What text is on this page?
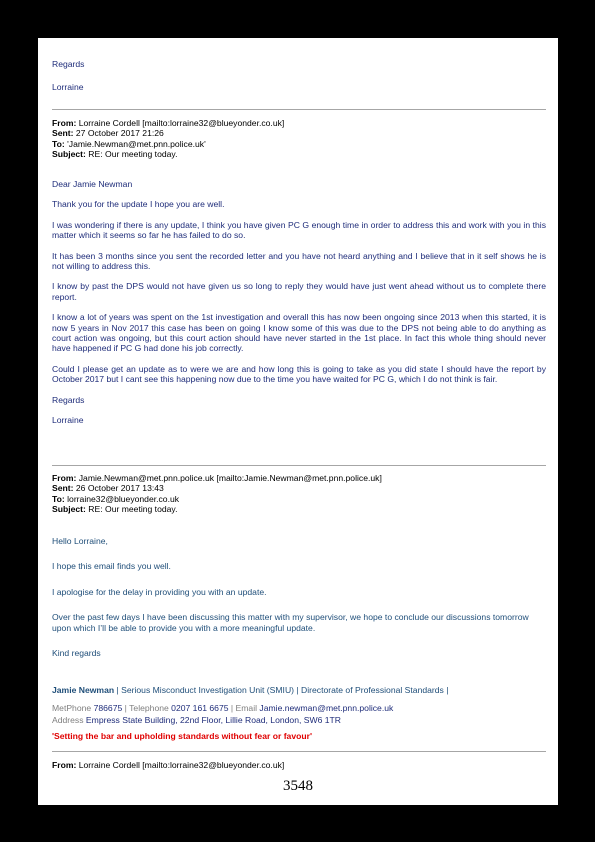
Regards
Lorraine
From: Lorraine Cordell [mailto:lorraine32@blueyonder.co.uk]
Sent: 27 October 2017 21:26
To: 'Jamie.Newman@met.pnn.police.uk'
Subject: RE: Our meeting today.

Dear Jamie Newman

Thank you for the update I hope you are well.

I was wondering if there is any update, I think you have given PC G enough time in order to address this and work with you in this matter which it seems so far he has failed to do so.

It has been 3 months since you sent the recorded letter and you have not heard anything and I believe that in it self shows he is not willing to address this.

I know by past the DPS would not have given us so long to reply they would have just went ahead without us to complete there report.

I know a lot of years was spent on the 1st investigation and overall this has now been ongoing since 2013 when this started, it is now 5 years in Nov 2017 this case has been on going I know some of this was due to the DPS not being able to do anything as court action was ongoing, but this court action should have never started in the 1st place. In fact this whole thing should never have happened if PC G had done his job correctly.

Could I please get an update as to were we are and how long this is going to take as you did state I should have the report by October 2017 but I cant see this happening now due to the time you have waited for PC G, which I do not think is fair.

Regards

Lorraine

From: Jamie.Newman@met.pnn.police.uk [mailto:Jamie.Newman@met.pnn.police.uk]
Sent: 26 October 2017 13:43
To: lorraine32@blueyonder.co.uk
Subject: RE: Our meeting today.

Hello Lorraine,

I hope this email finds you well.

I apologise for the delay in providing you with an update.

Over the past few days I have been discussing this matter with my supervisor, we hope to conclude our discussions tomorrow upon which I’ll be able to provide you with a more meaningful update.

Kind regards

Jamie Newman | Serious Misconduct Investigation Unit (SMIU) | Directorate of Professional Standards |
MetPhone 786675 | Telephone 0207 161 6675 | Email Jamie.newman@met.pnn.police.uk
Address Empress State Building, 22nd Floor, Lillie Road, London, SW6 1TR
'Setting the bar and upholding standards without fear or favour'
From: Lorraine Cordell [mailto:lorraine32@blueyonder.co.uk]
3548
